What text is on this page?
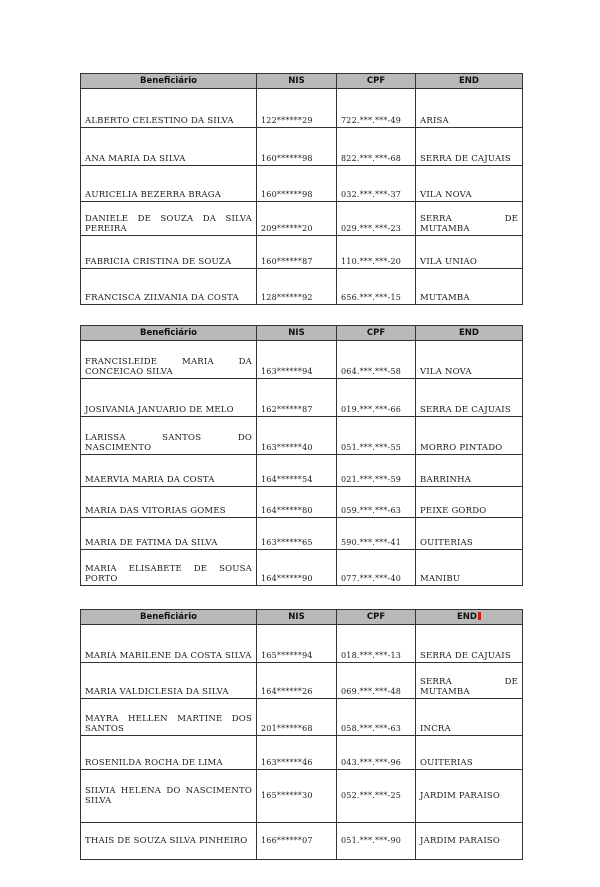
Beneficiário	NIS	CPF	END
ALBERTO CELESTINO DA SILVA	122******29	722.***.***-49	ARISA
ANA MARIA DA SILVA	160******98	822.***.***-68	SERRA DE CAJUAIS
AURICELIA BEZERRA BRAGA	160******98	032.***.***-37	VILA NOVA
DANIELE DE SOUZA DA SILVA PEREIRA	209******20	029.***.***-23	SERRA DE MUTAMBA
FABRICIA CRISTINA DE SOUZA	160******87	110.***.***-20	VILA UNIAO
FRANCISCA ZILVANIA DA COSTA	128******92	656.***.***-15	MUTAMBA
Beneficiário	NIS	CPF	END
FRANCISLEIDE MARIA DA CONCEICAO SILVA	163******94	064.***.***-58	VILA NOVA
JOSIVANIA JANUARIO DE MELO	162******87	019.***.***-66	SERRA DE CAJUAIS
LARISSA SANTOS DO NASCIMENTO	163******40	051.***.***-55	MORRO PINTADO
MAERVIA MARIA DA COSTA	164******54	021.***.***-59	BARRINHA
MARIA DAS VITORIAS GOMES	164******80	059.***.***-63	PEIXE GORDO
MARIA DE FATIMA DA SILVA	163******65	590.***.***-41	OUITERIAS
MARIA ELISABETE DE SOUSA PORTO	164******90	077.***.***-40	MANIBU
Beneficiário	NIS	CPF	END
MARIA MARILENE DA COSTA SILVA	165******94	018.***.***-13	SERRA DE CAJUAIS
MARIA VALDICLESIA DA SILVA	164******26	069.***.***-48	SERRA DE MUTAMBA
MAYRA HELLEN MARTINE DOS SANTOS	201******68	058.***.***-63	INCRA
ROSENILDA ROCHA DE LIMA	163******46	043.***.***-96	OUITERIAS
SILVIA HELENA DO NASCIMENTO SILVA	165******30	052.***.***-25	JARDIM PARAISO
THAIS DE SOUZA SILVA PINHEIRO	166******07	051.***.***-90	JARDIM PARAISO
